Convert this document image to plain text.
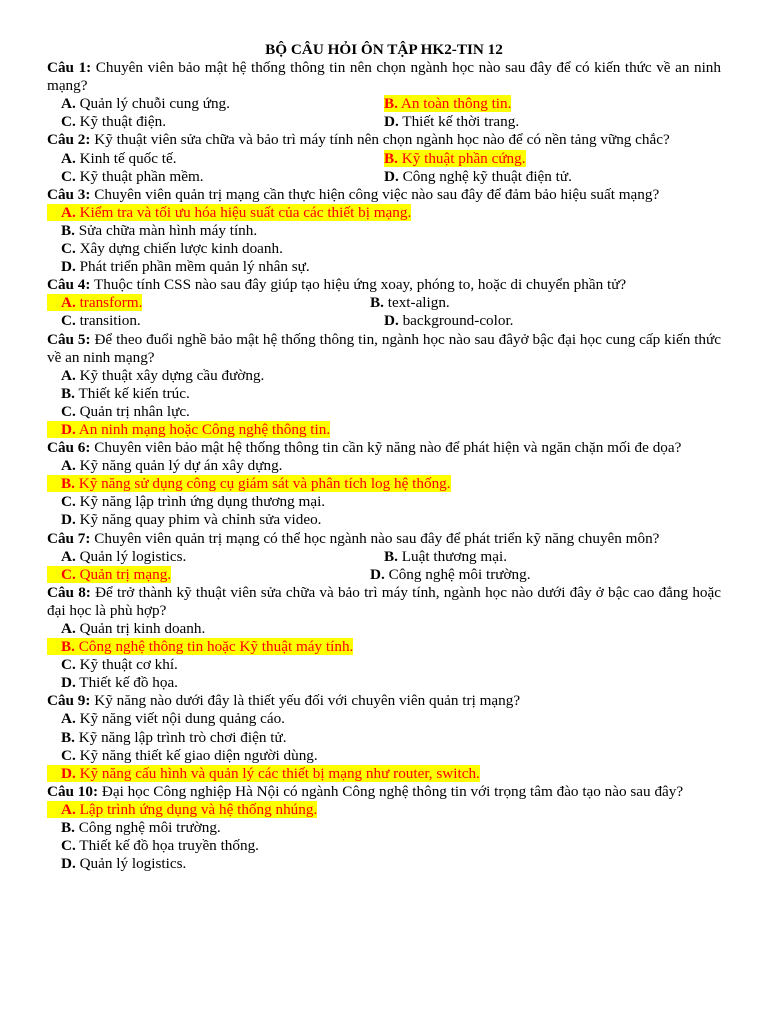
BỘ CÂU HỎI ÔN TẬP HK2-TIN 12

Câu 1: Chuyên viên bảo mật hệ thống thông tin nên chọn ngành học nào sau đây để có kiến thức về an ninh mạng?

A. Quản lý chuỗi cung ứng.	B. An toàn thông tin.
C. Kỹ thuật điện.	D. Thiết kế thời trang.

Câu 2: Kỹ thuật viên sửa chữa và bảo trì máy tính nên chọn ngành học nào để có nền tảng vững chắc?

A. Kinh tế quốc tế.	B. Kỹ thuật phần cứng.
C. Kỹ thuật phần mềm.	D. Công nghệ kỹ thuật điện tử.

Câu 3: Chuyên viên quản trị mạng cần thực hiện công việc nào sau đây để đảm bảo hiệu suất mạng?

A. Kiểm tra và tối ưu hóa hiệu suất của các thiết bị mạng.
B. Sửa chữa màn hình máy tính.
C. Xây dựng chiến lược kinh doanh.
D. Phát triển phần mềm quản lý nhân sự.

Câu 4: Thuộc tính CSS nào sau đây giúp tạo hiệu ứng xoay, phóng to, hoặc di chuyển phần tử?

A. transform.	B. text-align.
C. transition.	D. background-color.

Câu 5: Để theo đuổi nghề bảo mật hệ thống thông tin, ngành học nào sau đâyở bậc đại học cung cấp kiến thức về an ninh mạng?

A. Kỹ thuật xây dựng cầu đường.
B. Thiết kế kiến trúc.
C. Quản trị nhân lực.
D. An ninh mạng hoặc Công nghệ thông tin.

Câu 6: Chuyên viên bảo mật hệ thống thông tin cần kỹ năng nào để phát hiện và ngăn chặn mối đe dọa?

A. Kỹ năng quản lý dự án xây dựng.
B. Kỹ năng sử dụng công cụ giám sát và phân tích log hệ thống.
C. Kỹ năng lập trình ứng dụng thương mại.
D. Kỹ năng quay phim và chỉnh sửa video.

Câu 7: Chuyên viên quản trị mạng có thể học ngành nào sau đây để phát triển kỹ năng chuyên môn?

A. Quản lý logistics.	B. Luật thương mại.
C. Quản trị mạng.	D. Công nghệ môi trường.

Câu 8: Để trở thành kỹ thuật viên sửa chữa và bảo trì máy tính, ngành học nào dưới đây ở bậc cao đẳng hoặc đại học là phù hợp?

A. Quản trị kinh doanh.
B. Công nghệ thông tin hoặc Kỹ thuật máy tính.
C. Kỹ thuật cơ khí.
D. Thiết kế đồ họa.

Câu 9: Kỹ năng nào dưới đây là thiết yếu đối với chuyên viên quản trị mạng?

A. Kỹ năng viết nội dung quảng cáo.
B. Kỹ năng lập trình trò chơi điện tử.
C. Kỹ năng thiết kế giao diện người dùng.
D. Kỹ năng cấu hình và quản lý các thiết bị mạng như router, switch.

Câu 10: Đại học Công nghiệp Hà Nội có ngành Công nghệ thông tin với trọng tâm đào tạo nào sau đây?

A. Lập trình ứng dụng và hệ thống nhúng.
B. Công nghệ môi trường.
C. Thiết kế đồ họa truyền thống.
D. Quản lý logistics.
